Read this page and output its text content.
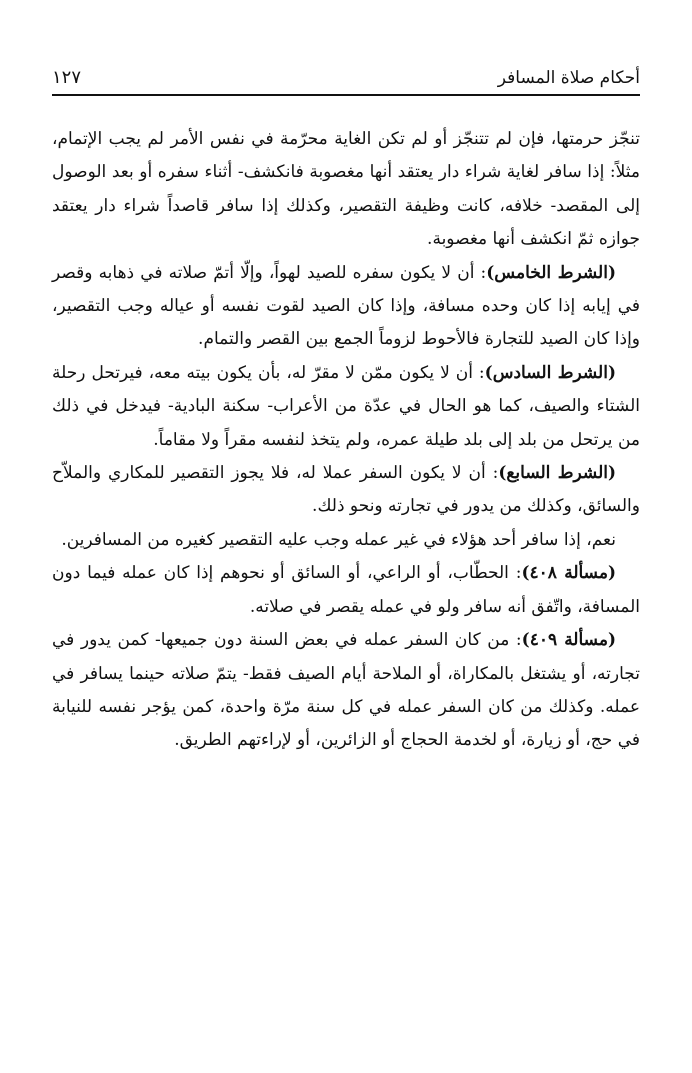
أحكام صلاة المسافر
١٢٧

تنجّز حرمتها، فإن لم تتنجّز أو لم تكن الغاية محرّمة في نفس الأمر لم يجب الإتمام، مثلاً: إذا سافر لغاية شراء دار يعتقد أنها مغصوبة فانكشف- أثناء سفره أو بعد الوصول إلى المقصد- خلافه، كانت وظيفة التقصير، وكذلك إذا سافر قاصداً شراء دار يعتقد جوازه ثمّ انكشف أنها مغصوبة.

(الشرط الخامس): أن لا يكون سفره للصيد لهواً، وإلّا أتمّ صلاته في ذهابه وقصر في إيابه إذا كان وحده مسافة، وإذا كان الصيد لقوت نفسه أو عياله وجب التقصير، وإذا كان الصيد للتجارة فالأحوط لزوماً الجمع بين القصر والتمام.

(الشرط السادس): أن لا يكون ممّن لا مقرّ له، بأن يكون بيته معه، فيرتحل رحلة الشتاء والصيف، كما هو الحال في عدّة من الأعراب- سكنة البادية- فيدخل في ذلك من يرتحل من بلد إلى بلد طيلة عمره، ولم يتخذ لنفسه مقراً ولا مقاماً.

(الشرط السابع): أن لا يكون السفر عملا له، فلا يجوز التقصير للمكاري والملاّح والسائق، وكذلك من يدور في تجارته ونحو ذلك.

نعم، إذا سافر أحد هؤلاء في غير عمله وجب عليه التقصير كغيره من المسافرين.

(مسألة ٤٠٨): الحطّاب، أو الراعي، أو السائق أو نحوهم إذا كان عمله فيما دون المسافة، واتّفق أنه سافر ولو في عمله يقصر في صلاته.

(مسألة ٤٠٩): من كان السفر عمله في بعض السنة دون جميعها- كمن يدور في تجارته، أو يشتغل بالمكاراة، أو الملاحة أيام الصيف فقط- يتمّ صلاته حينما يسافر في عمله. وكذلك من كان السفر عمله في كل سنة مرّة واحدة، كمن يؤجر نفسه للنيابة في حج، أو زيارة، أو لخدمة الحجاج أو الزائرين، أو لإراءتهم الطريق.
